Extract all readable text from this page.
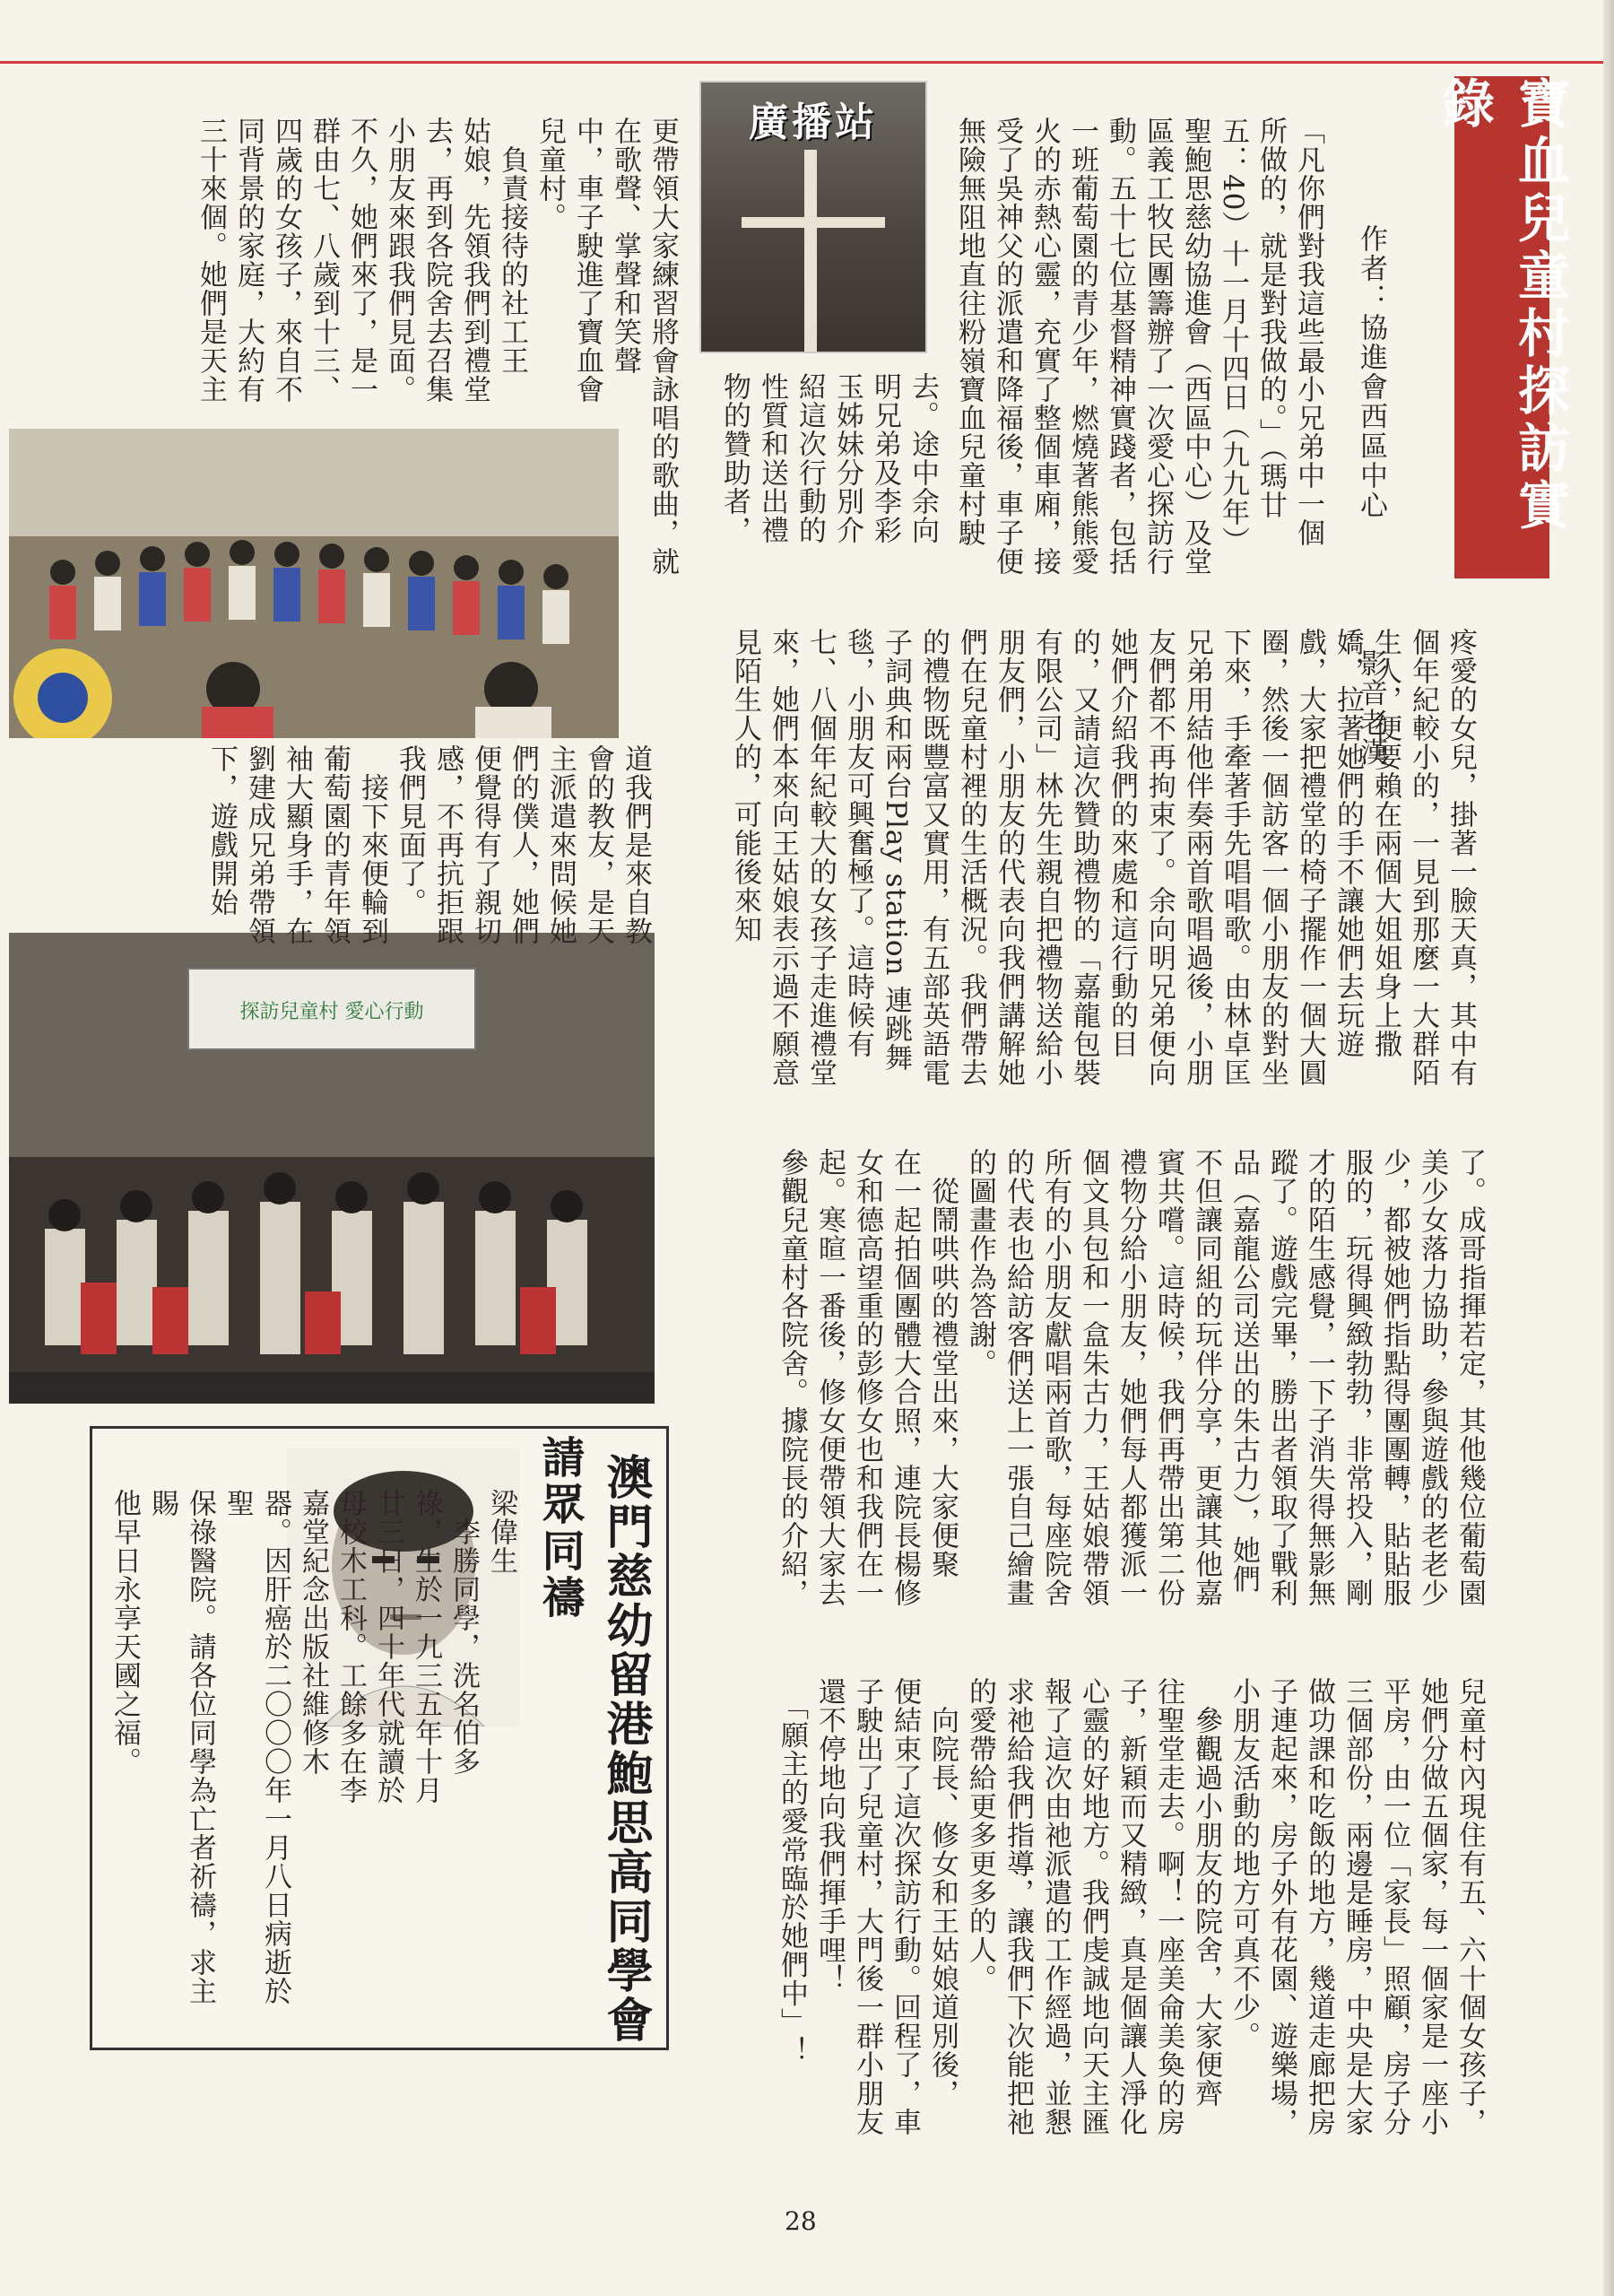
寶血兒童村探訪實錄
作者：協進會西區中心 　　　　影音老漢
廣播站	「凡你們對我這些最小兄弟中一個
所做的，就是對我做的。」（瑪廿
五：40）十一月十四日（九九年）
聖鮑思慈幼協進會（西區中心）及堂
區義工牧民團籌辦了一次愛心探訪行
動。五十七位基督精神實踐者，包括
一班葡萄園的青少年，燃燒著熊熊愛
火的赤熱心靈，充實了整個車廂，接
受了吳神父的派遣和降福後，車子便
無險無阻地直往粉嶺寶血兒童村駛
去。途中余向
明兄弟及李彩
玉姊妹分別介
紹這次行動的
性質和送出禮
物的贊助者，
更帶領大家練習將會詠唱的歌曲，就
在歌聲、掌聲和笑聲
中，車子駛進了寶血會
兒童村。
　負責接待的社工王
姑娘，先領我們到禮堂
去，再到各院舍去召集
小朋友來跟我們見面。
不久，她們來了，是一
群由七、八歲到十三、
四歲的女孩子，來自不
同背景的家庭，大約有
三十來個。她們是天主
探訪兒童村 愛心行動	疼愛的女兒，掛著一臉天真，其中有
個年紀較小的，一見到那麼一大群陌
生人，便要賴在兩個大姐姐身上撒
嬌，拉著她們的手不讓她們去玩遊
戲，大家把禮堂的椅子擺作一個大圓
圈，然後一個訪客一個小朋友的對坐
下來，手牽著手先唱唱歌。由林卓匡
兄弟用結他伴奏兩首歌唱過後，小朋
友們都不再拘束了。余向明兄弟便向
她們介紹我們的來處和這行動的目
的，又請這次贊助禮物的「嘉龍包裝
有限公司」林先生親自把禮物送給小
朋友們，小朋友的代表向我們講解她
們在兒童村裡的生活概況。我們帶去
的禮物既豐富又實用，有五部英語電
子詞典和兩台Play station 連跳舞
毯，小朋友可興奮極了。這時候有
七、八個年紀較大的女孩子走進禮堂
來，她們本來向王姑娘表示過不願意
見陌生人的，可能後來知
道我們是來自教
會的教友，是天
主派遣來問候她
們的僕人，她們
便覺得有了親切
感，不再抗拒跟
我們見面了。
　接下來便輪到
葡萄園的青年領
袖大顯身手，在
劉建成兄弟帶領
下，遊戲開始
了。成哥指揮若定，其他幾位葡萄園
美少女落力協助，參與遊戲的老老少
少，都被她們指點得團團轉，貼貼服
服的，玩得興緻勃勃，非常投入，剛
才的陌生感覺，一下子消失得無影無
蹤了。遊戲完畢，勝出者領取了戰利
品（嘉龍公司送出的朱古力），她們
不但讓同組的玩伴分享，更讓其他嘉
賓共嚐。這時候，我們再帶出第二份
禮物分給小朋友，她們每人都獲派一
個文具包和一盒朱古力，王姑娘帶領
所有的小朋友獻唱兩首歌，每座院舍
的代表也給訪客們送上一張自己繪畫
的圖畫作為答謝。
　從鬧哄哄的禮堂出來，大家便聚
在一起拍個團體大合照，連院長楊修
女和德高望重的彭修女也和我們在一
起。寒暄一番後，修女便帶領大家去
參觀兒童村各院舍。據院長的介紹，
兒童村內現住有五、六十個女孩子，
她們分做五個家，每一個家是一座小
平房，由一位「家長」照顧，房子分
三個部份，兩邊是睡房，中央是大家
做功課和吃飯的地方，幾道走廊把房
子連起來，房子外有花園、遊樂場，
小朋友活動的地方可真不少。
　參觀過小朋友的院舍，大家便齊
往聖堂走去。啊！一座美侖美奐的房
子，新穎而又精緻，真是個讓人淨化
心靈的好地方。我們虔誠地向天主匯
報了這次由祂派遣的工作經過，並懇
求祂給我們指導，讓我們下次能把祂
的愛帶給更多更多的人。
　向院長、修女和王姑娘道別後，
便結束了這次探訪行動。回程了，車
子駛出了兒童村，大門後一群小朋友
還不停地向我們揮手哩！
　「願主的愛常臨於她們中」！
澳門慈幼留港鮑思高同學會
請眾同禱
梁偉生
　李勝同學，洗名伯多
祿，生於一九三五年十月
廿三日，四十年代就讀於
母校木工科。工餘多在李
嘉堂紀念出版社維修木
器。因肝癌於二〇〇〇年一月八日病逝於聖
保祿醫院。請各位同學為亡者祈禱，求主賜
他早日永享天國之福。
28
